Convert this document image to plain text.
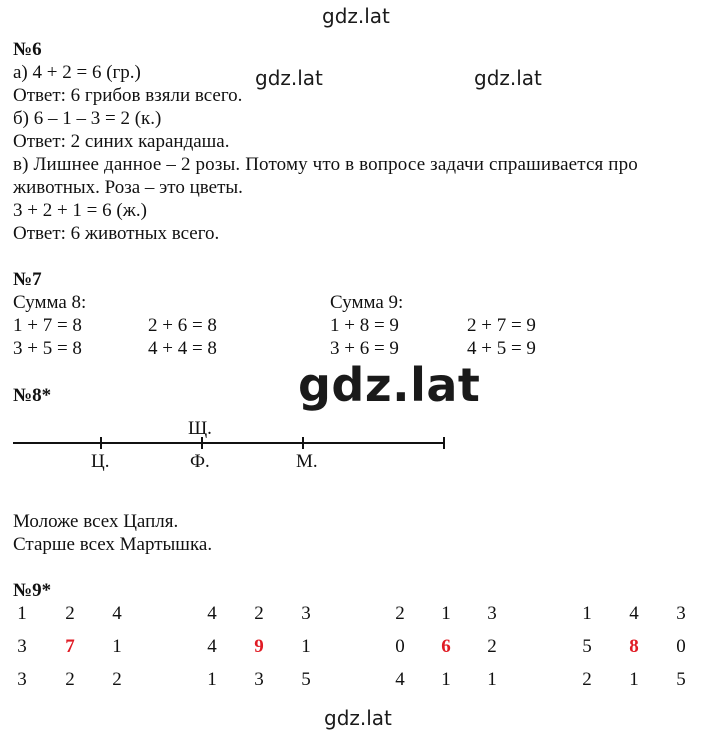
gdz.lat
gdz.lat	gdz.lat
gdz.lat
gdz.lat
№6
а) 4 + 2 = 6 (гр.)
Ответ: 6 грибов взяли всего.
б) 6 – 1 – 3 = 2 (к.)
Ответ: 2 синих карандаша.
в) Лишнее данное – 2 розы. Потому что в вопросе задачи спрашивается про
животных. Роза – это цветы.
3 + 2 + 1 = 6 (ж.)
Ответ: 6 животных всего.
№7
Сумма 8:	Сумма 9:
1 + 7 = 8	2 + 6 = 8	1 + 8 = 9	2 + 7 = 9
3 + 5 = 8	4 + 4 = 8	3 + 6 = 9	4 + 5 = 9
№8*
Щ.
Ц.	Ф.	М.
Моложе всех Цапля.
Старше всех Мартышка.
№9*
1 2 4
3 7 1
3 2 2
4 2 3
4 9 1
1 3 5
2 1 3
0 6 2
4 1 1
1 4 3
5 8 0
2 1 5
